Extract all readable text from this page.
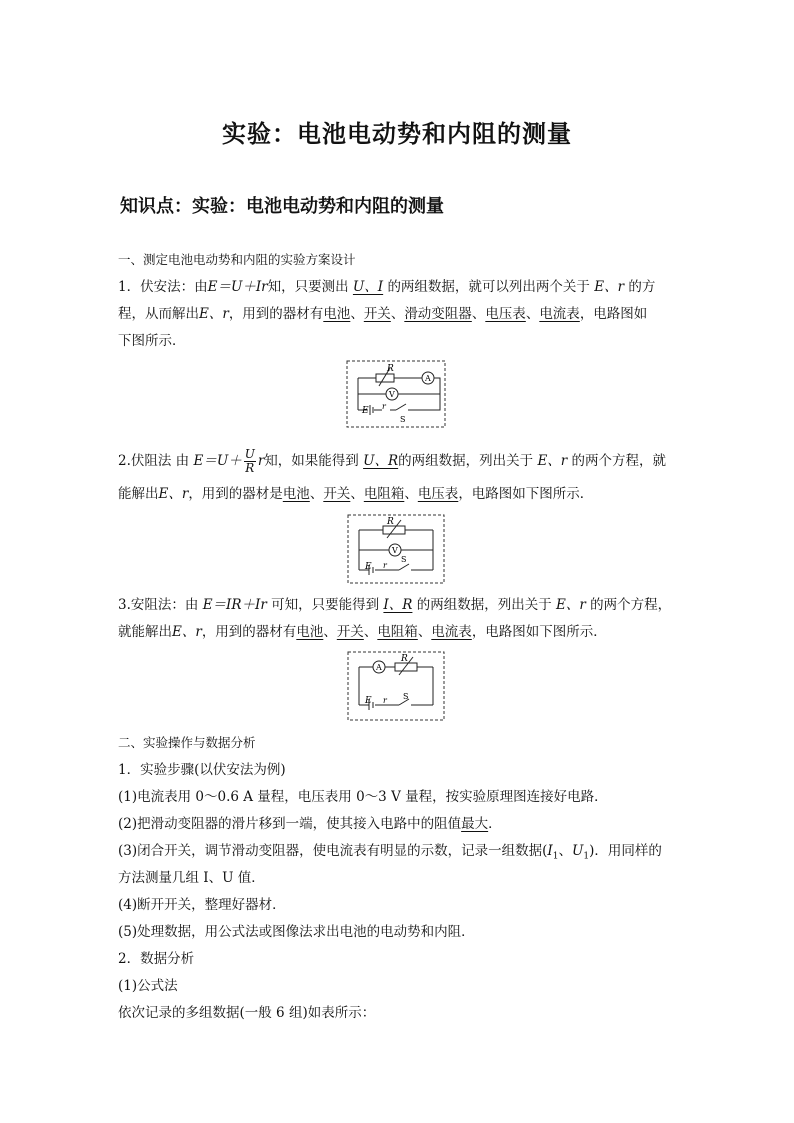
实验：电池电动势和内阻的测量
知识点：实验：电池电动势和内阻的测量
一、测定电池电动势和内阻的实验方案设计
1．伏安法：由E＝U＋Ir知，只要测出 U、I 的两组数据，就可以列出两个关于 E、r 的方
程，从而解出E、r，用到的器材有电池、开关、滑动变阻器、电压表、电流表，电路图如
下图所示．
R
A
V
E r
S
2.伏阻法 由 $E=U+ \frac{U}{R}$ r知，如果能得到 U、R的两组数据，列出关于 E、r 的两个方程，就
能解出E、r，用到的器材是电池、开关、电阻箱、电压表，电路图如下图所示．
R
V
E r
S
3.安阻法：由 E＝IR＋Ir 可知，只要能得到 I、R 的两组数据，列出关于 E、r 的两个方程，
就能解出E、r，用到的器材有电池、开关、电阻箱、电流表，电路图如下图所示．
A
R
E r S
二、实验操作与数据分析
1．实验步骤(以伏安法为例)
(1)电流表用 0～0.6 A 量程，电压表用 0～3 V 量程，按实验原理图连接好电路．
(2)把滑动变阻器的滑片移到一端，使其接入电路中的阻值最大．
(3)闭合开关，调节滑动变阻器，使电流表有明显的示数，记录一组数据($I_1$、$U_1$)．用同样的
方法测量几组 I、U 值．
(4)断开开关，整理好器材．
(5)处理数据，用公式法或图像法求出电池的电动势和内阻．
2．数据分析
(1)公式法
依次记录的多组数据(一般 6 组)如表所示：
